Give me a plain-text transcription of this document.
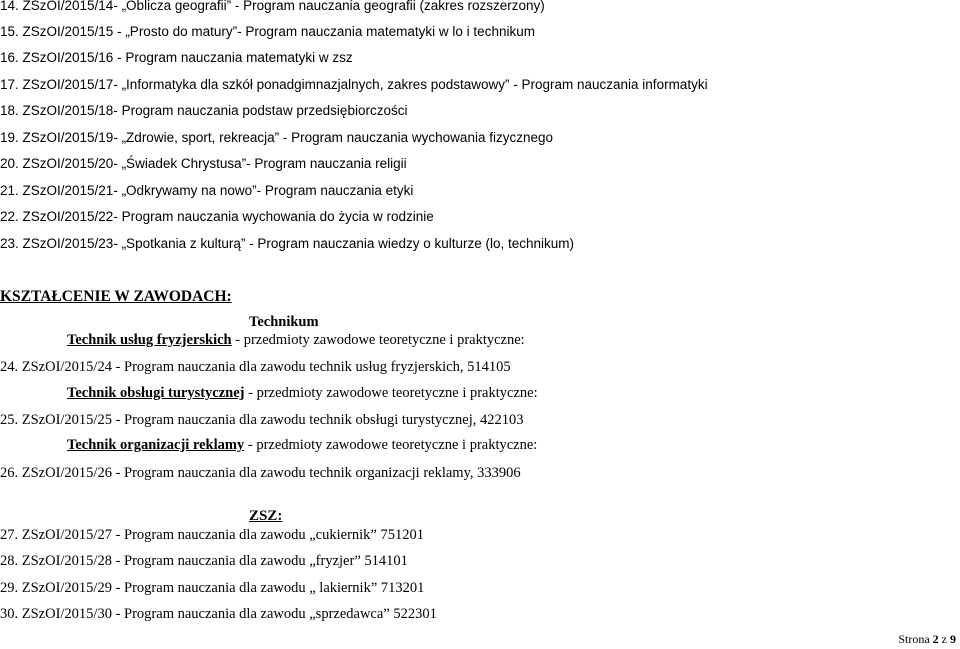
14. ZSzOI/2015/14- „Oblicza geografii” - Program nauczania geografii (zakres rozszerzony)
15. ZSzOI/2015/15 - „Prosto do matury”- Program nauczania matematyki w lo i technikum
16. ZSzOI/2015/16 - Program nauczania matematyki w zsz
17. ZSzOI/2015/17- „Informatyka dla szkół ponadgimnazjalnych, zakres podstawowy” - Program nauczania informatyki
18. ZSzOI/2015/18- Program nauczania podstaw przedsiębiorczości
19. ZSzOI/2015/19- „Zdrowie, sport, rekreacja” - Program nauczania wychowania fizycznego
20. ZSzOI/2015/20- „Świadek Chrystusa”- Program nauczania religii
21. ZSzOI/2015/21- „Odkrywamy na nowo”- Program nauczania etyki
22. ZSzOI/2015/22- Program nauczania wychowania do życia w rodzinie
23. ZSzOI/2015/23- „Spotkania z kulturą” - Program nauczania wiedzy o kulturze (lo, technikum)
KSZTAŁCENIE W ZAWODACH:
Technikum
Technik usług fryzjerskich - przedmioty zawodowe teoretyczne i praktyczne:
24. ZSzOI/2015/24 - Program nauczania dla zawodu technik usług fryzjerskich, 514105
Technik obsługi turystycznej - przedmioty zawodowe teoretyczne i praktyczne:
25. ZSzOI/2015/25 - Program nauczania dla zawodu technik obsługi turystycznej, 422103
Technik organizacji reklamy - przedmioty zawodowe teoretyczne i praktyczne:
26. ZSzOI/2015/26 - Program nauczania dla zawodu technik organizacji reklamy, 333906
ZSZ:
27. ZSzOI/2015/27 - Program nauczania dla zawodu „cukiernik” 751201
28. ZSzOI/2015/28 - Program nauczania dla zawodu „fryzjer” 514101
29. ZSzOI/2015/29 - Program nauczania dla zawodu „ lakiernik” 713201
30. ZSzOI/2015/30 - Program nauczania dla zawodu „sprzedawca” 522301
Strona 2 z 9
